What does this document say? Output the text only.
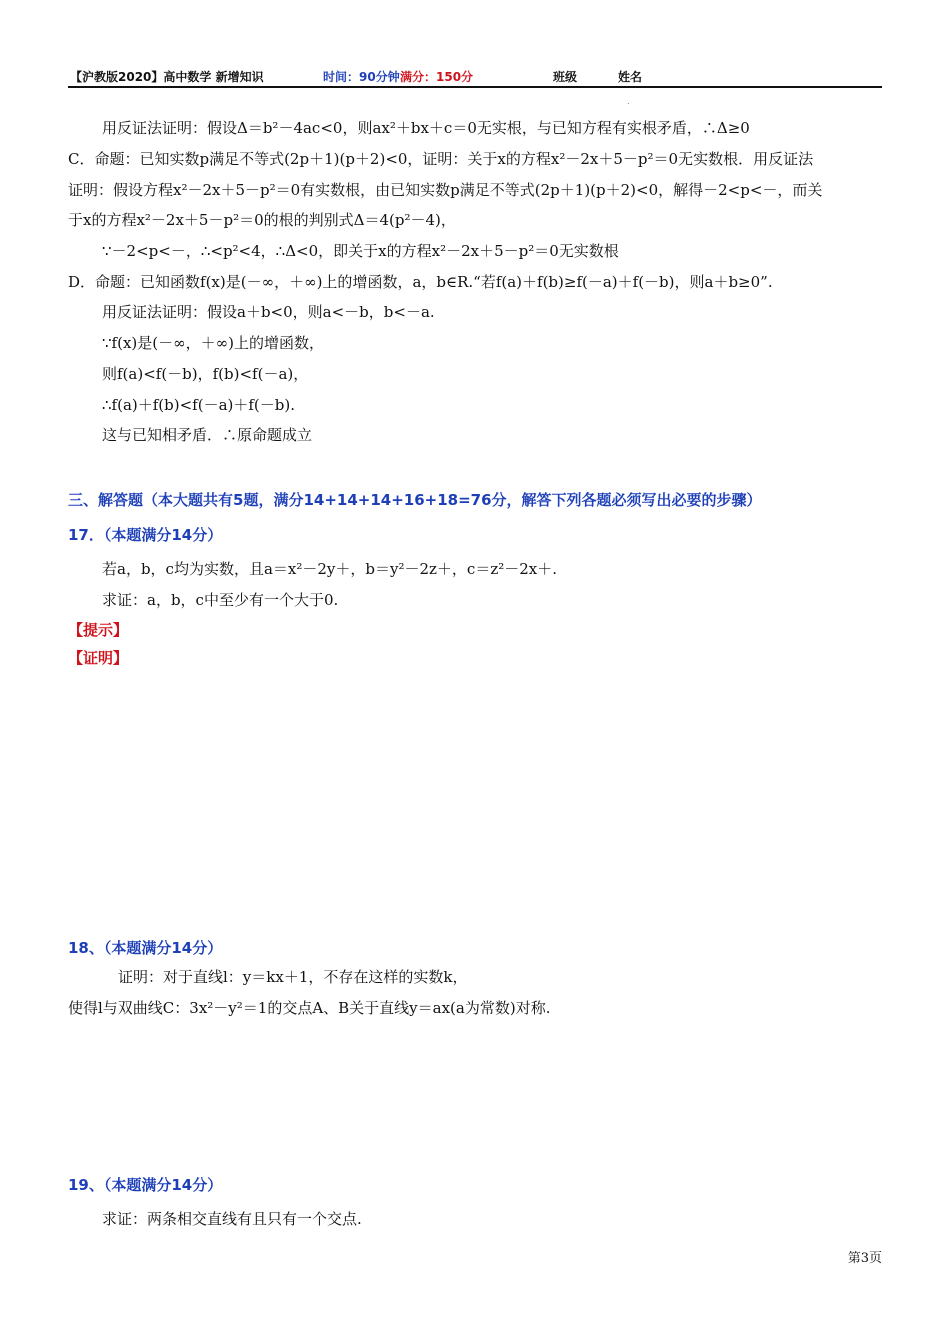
【沪教版2020】高中数学 新增知识	时间：90分钟 满分：150分	班级	姓名
.
用反证法证明：假设Δ＝b²－4ac<0，则ax²＋bx＋c＝0无实根，与已知方程有实根矛盾，∴Δ≥0
C．命题：已知实数p满足不等式(2p＋1)(p＋2)<0，证明：关于x的方程x²－2x＋5－p²＝0无实数根．用反证法
证明：假设方程x²－2x＋5－p²＝0有实数根，由已知实数p满足不等式(2p＋1)(p＋2)<0，解得－2<p<－，而关
于x的方程x²－2x＋5－p²＝0的根的判别式Δ＝4(p²－4)，
∵－2<p<－，∴<p²<4，∴Δ<0，即关于x的方程x²－2x＋5－p²＝0无实数根
D．命题：已知函数f(x)是(－∞，＋∞)上的增函数，a，b∈R.“若f(a)＋f(b)≥f(－a)＋f(－b)，则a＋b≥0”.
用反证法证明：假设a＋b<0，则a<－b，b<－a.
∵f(x)是(－∞，＋∞)上的增函数，
则f(a)<f(－b)，f(b)<f(－a)，
∴f(a)＋f(b)<f(－a)＋f(－b).
这与已知相矛盾．∴原命题成立
三、解答题（本大题共有5题，满分14+14+14+16+18=76分，解答下列各题必须写出必要的步骤）
17．（本题满分14分）
若a，b，c均为实数，且a＝x²－2y＋，b＝y²－2z＋，c＝z²－2x＋.
求证：a，b，c中至少有一个大于0.
【提示】
【证明】
18、（本题满分14分）
证明：对于直线l：y＝kx＋1，不存在这样的实数k，
使得l与双曲线C：3x²－y²＝1的交点A、B关于直线y＝ax(a为常数)对称.
19、（本题满分14分）
求证：两条相交直线有且只有一个交点.
第3页
